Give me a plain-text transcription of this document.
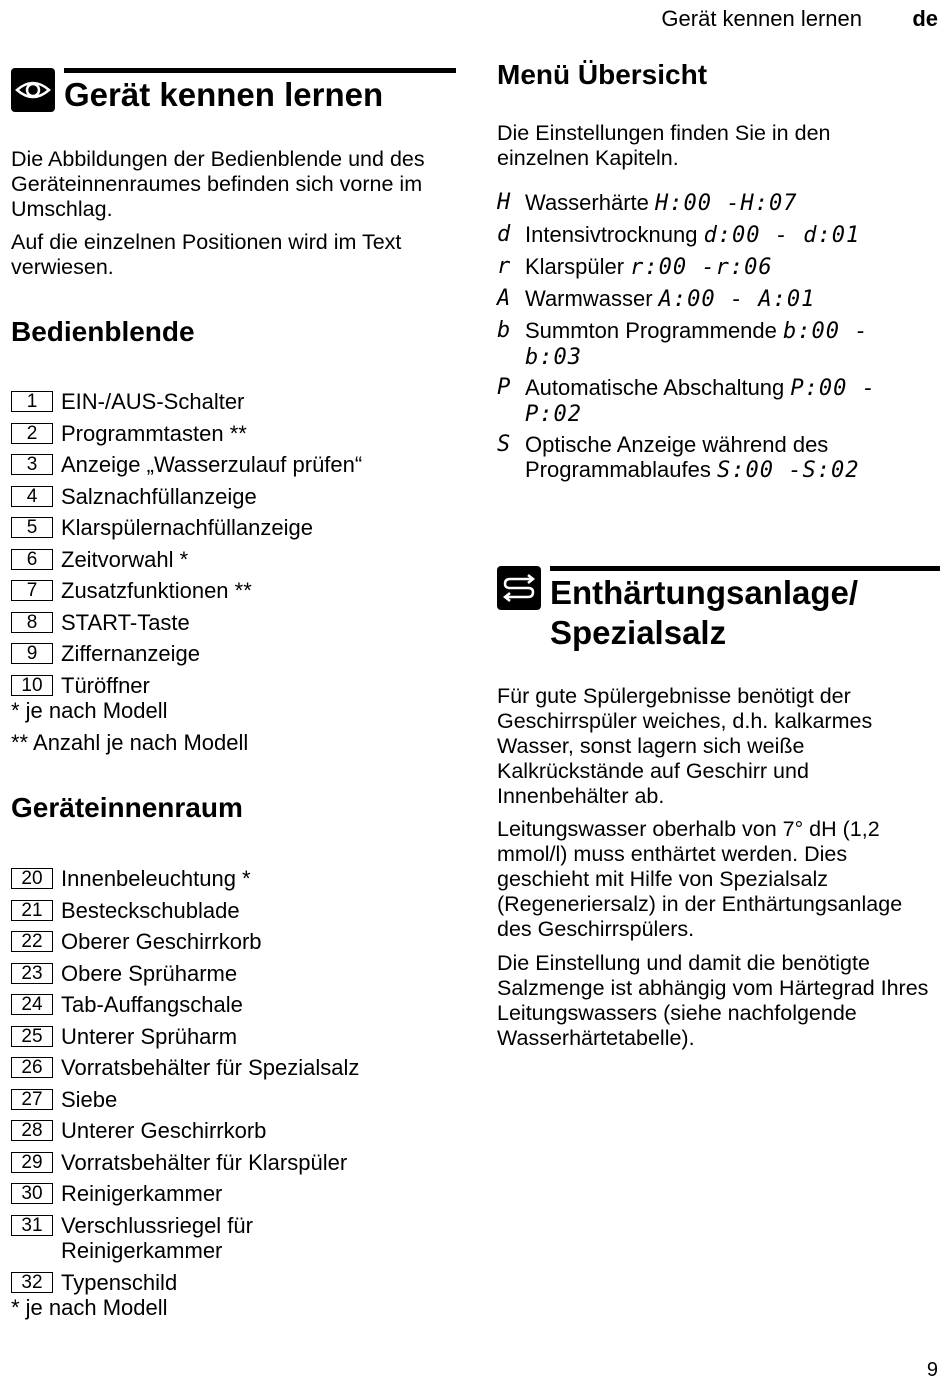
Gerät kennen lernen de
Gerät kennen lernen

Die Abbildungen der Bedienblende und des Geräteinnenraumes befinden sich vorne im Umschlag.

Auf die einzelnen Positionen wird im Text verwiesen.

Bedienblende
1	EIN-/AUS-Schalter
2	Programmtasten **
3	Anzeige „Wasserzulauf prüfen“
4	Salznachfüllanzeige
5	Klarspülernachfüllanzeige
6	Zeitvorwahl *
7	Zusatzfunktionen **
8	START-Taste
9	Ziffernanzeige
10 Türöffner
* je nach Modell
** Anzahl je nach Modell
Geräteinnenraum
20 Innenbeleuchtung *
21 Besteckschublade
22 Oberer Geschirrkorb
23 Obere Sprüharme
24 Tab-Auffangschale
25 Unterer Sprüharm
26 Vorratsbehälter für Spezialsalz
27 Siebe
28 Unterer Geschirrkorb
29 Vorratsbehälter für Klarspüler
30 Reinigerkammer
31 Verschlussriegel für Reinigerkammer
32 Typenschild
* je nach Modell
Menü Übersicht

Die Einstellungen finden Sie in den einzelnen Kapiteln.

H Wasserhärte H:00 -H:07
d Intensivtrocknung d:00 - d:01
r Klarspüler r:00 -r:06
A Warmwasser A:00 - A:01
b Summton Programmende b:00 - b:03
P Automatische Abschaltung P:00 - P:02
S Optische Anzeige während des Programmablaufes S:00 -S:02
Enthärtungsanlage/
Spezialsalz

Für gute Spülergebnisse benötigt der Geschirrspüler weiches, d.h. kalkarmes Wasser, sonst lagern sich weiße Kalkrückstände auf Geschirr und Innenbehälter ab.

Leitungswasser oberhalb von 7° dH (1,2 mmol/l) muss enthärtet werden. Dies geschieht mit Hilfe von Spezialsalz (Regeneriersalz) in der Enthärtungsanlage des Geschirrspülers.

Die Einstellung und damit die benötigte Salzmenge ist abhängig vom Härtegrad Ihres Leitungswassers (siehe nachfolgende Wasserhärtetabelle).

9
